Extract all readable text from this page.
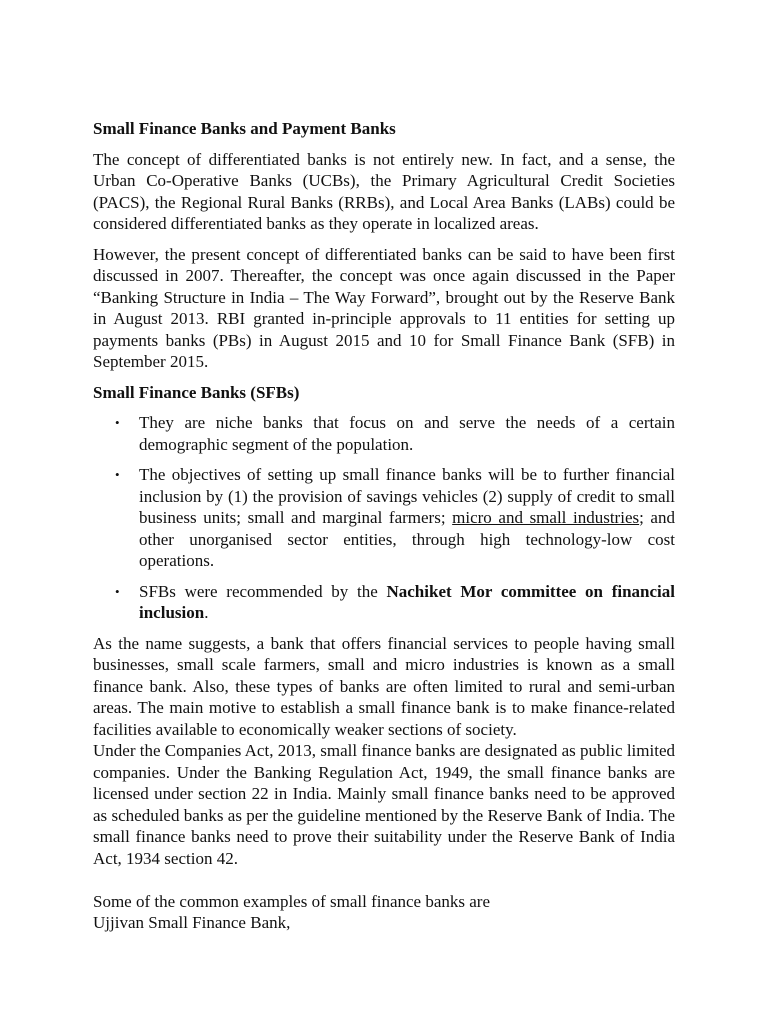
Small Finance Banks and Payment Banks

The concept of differentiated banks is not entirely new. In fact, and a sense, the Urban Co-Operative Banks (UCBs), the Primary Agricultural Credit Societies (PACS), the Regional Rural Banks (RRBs), and Local Area Banks (LABs) could be considered differentiated banks as they operate in localized areas.

However, the present concept of differentiated banks can be said to have been first discussed in 2007. Thereafter, the concept was once again discussed in the Paper “Banking Structure in India – The Way Forward”, brought out by the Reserve Bank in August 2013. RBI granted in-principle approvals to 11 entities for setting up payments banks (PBs) in August 2015 and 10 for Small Finance Bank (SFB) in September 2015.

Small Finance Banks (SFBs)
• They are niche banks that focus on and serve the needs of a certain demographic segment of the population.
• The objectives of setting up small finance banks will be to further financial inclusion by (1) the provision of savings vehicles (2) supply of credit to small business units; small and marginal farmers; micro and small industries; and other unorganised sector entities, through high technology-low cost operations.
• SFBs were recommended by the Nachiket Mor committee on financial inclusion.

As the name suggests, a bank that offers financial services to people having small businesses, small scale farmers, small and micro industries is known as a small finance bank. Also, these types of banks are often limited to rural and semi-urban areas. The main motive to establish a small finance bank is to make finance-related facilities available to economically weaker sections of society.

Under the Companies Act, 2013, small finance banks are designated as public limited companies. Under the Banking Regulation Act, 1949, the small finance banks are licensed under section 22 in India. Mainly small finance banks need to be approved as scheduled banks as per the guideline mentioned by the Reserve Bank of India. The small finance banks need to prove their suitability under the Reserve Bank of India Act, 1934 section 42.

Some of the common examples of small finance banks are

Ujjivan Small Finance Bank,
